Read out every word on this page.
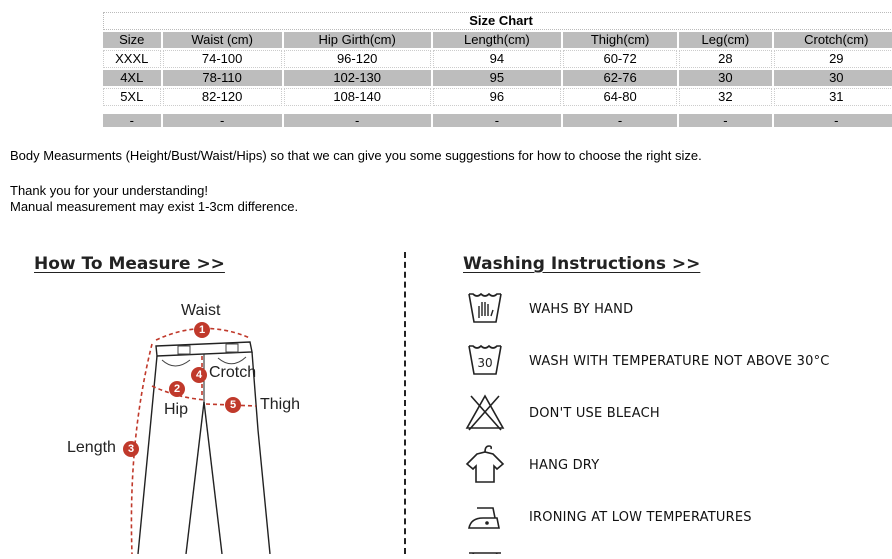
Size Chart						
Size	Waist (cm)	Hip Girth(cm)	Length(cm)	Thigh(cm)	Leg(cm)	Crotch(cm)
XXXL	74-100	96-120	94	60-72	28	29
4XL	78-110	102-130	95	62-76	30	30
5XL	82-120	108-140	96	64-80	32	31

-	-	-	-	-	-	-

Body Measurments (Height/Bust/Waist/Hips) so that we can give you some suggestions for how to choose the right size.

Thank you for your understanding!

Manual measurement may exist 1-3cm difference.

How To Measure >>
Waist
Crotch
Hip	Thigh
Length
1
2
3
4
5
Washing Instructions >>
WAHS BY HAND
30	WASH WITH TEMPERATURE NOT ABOVE 30°C
DON'T USE BLEACH
HANG DRY
IRONING AT LOW TEMPERATURES
